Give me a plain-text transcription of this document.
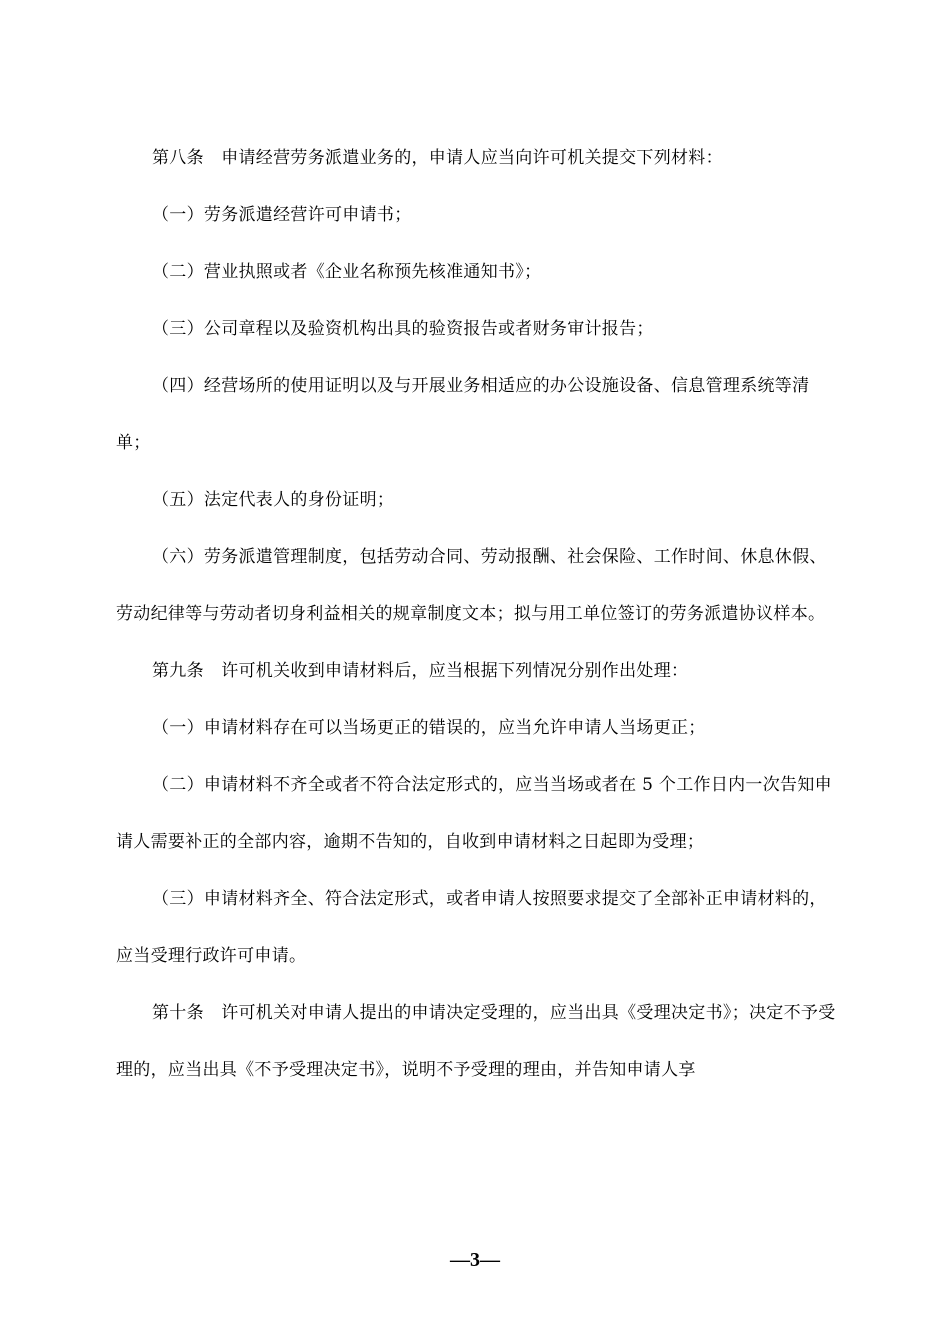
第八条　申请经营劳务派遣业务的，申请人应当向许可机关提交下列材料：

（一）劳务派遣经营许可申请书；

（二）营业执照或者《企业名称预先核准通知书》；

（三）公司章程以及验资机构出具的验资报告或者财务审计报告；

（四）经营场所的使用证明以及与开展业务相适应的办公设施设备、信息管理系统等清单；

（五）法定代表人的身份证明；

（六）劳务派遣管理制度，包括劳动合同、劳动报酬、社会保险、工作时间、休息休假、劳动纪律等与劳动者切身利益相关的规章制度文本；拟与用工单位签订的劳务派遣协议样本。

第九条　许可机关收到申请材料后，应当根据下列情况分别作出处理：

（一）申请材料存在可以当场更正的错误的，应当允许申请人当场更正；

（二）申请材料不齐全或者不符合法定形式的，应当当场或者在 5 个工作日内一次告知申请人需要补正的全部内容，逾期不告知的，自收到申请材料之日起即为受理；

（三）申请材料齐全、符合法定形式，或者申请人按照要求提交了全部补正申请材料的，应当受理行政许可申请。

第十条　许可机关对申请人提出的申请决定受理的，应当出具《受理决定书》；决定不予受理的，应当出具《不予受理决定书》，说明不予受理的理由，并告知申请人享

—3—
